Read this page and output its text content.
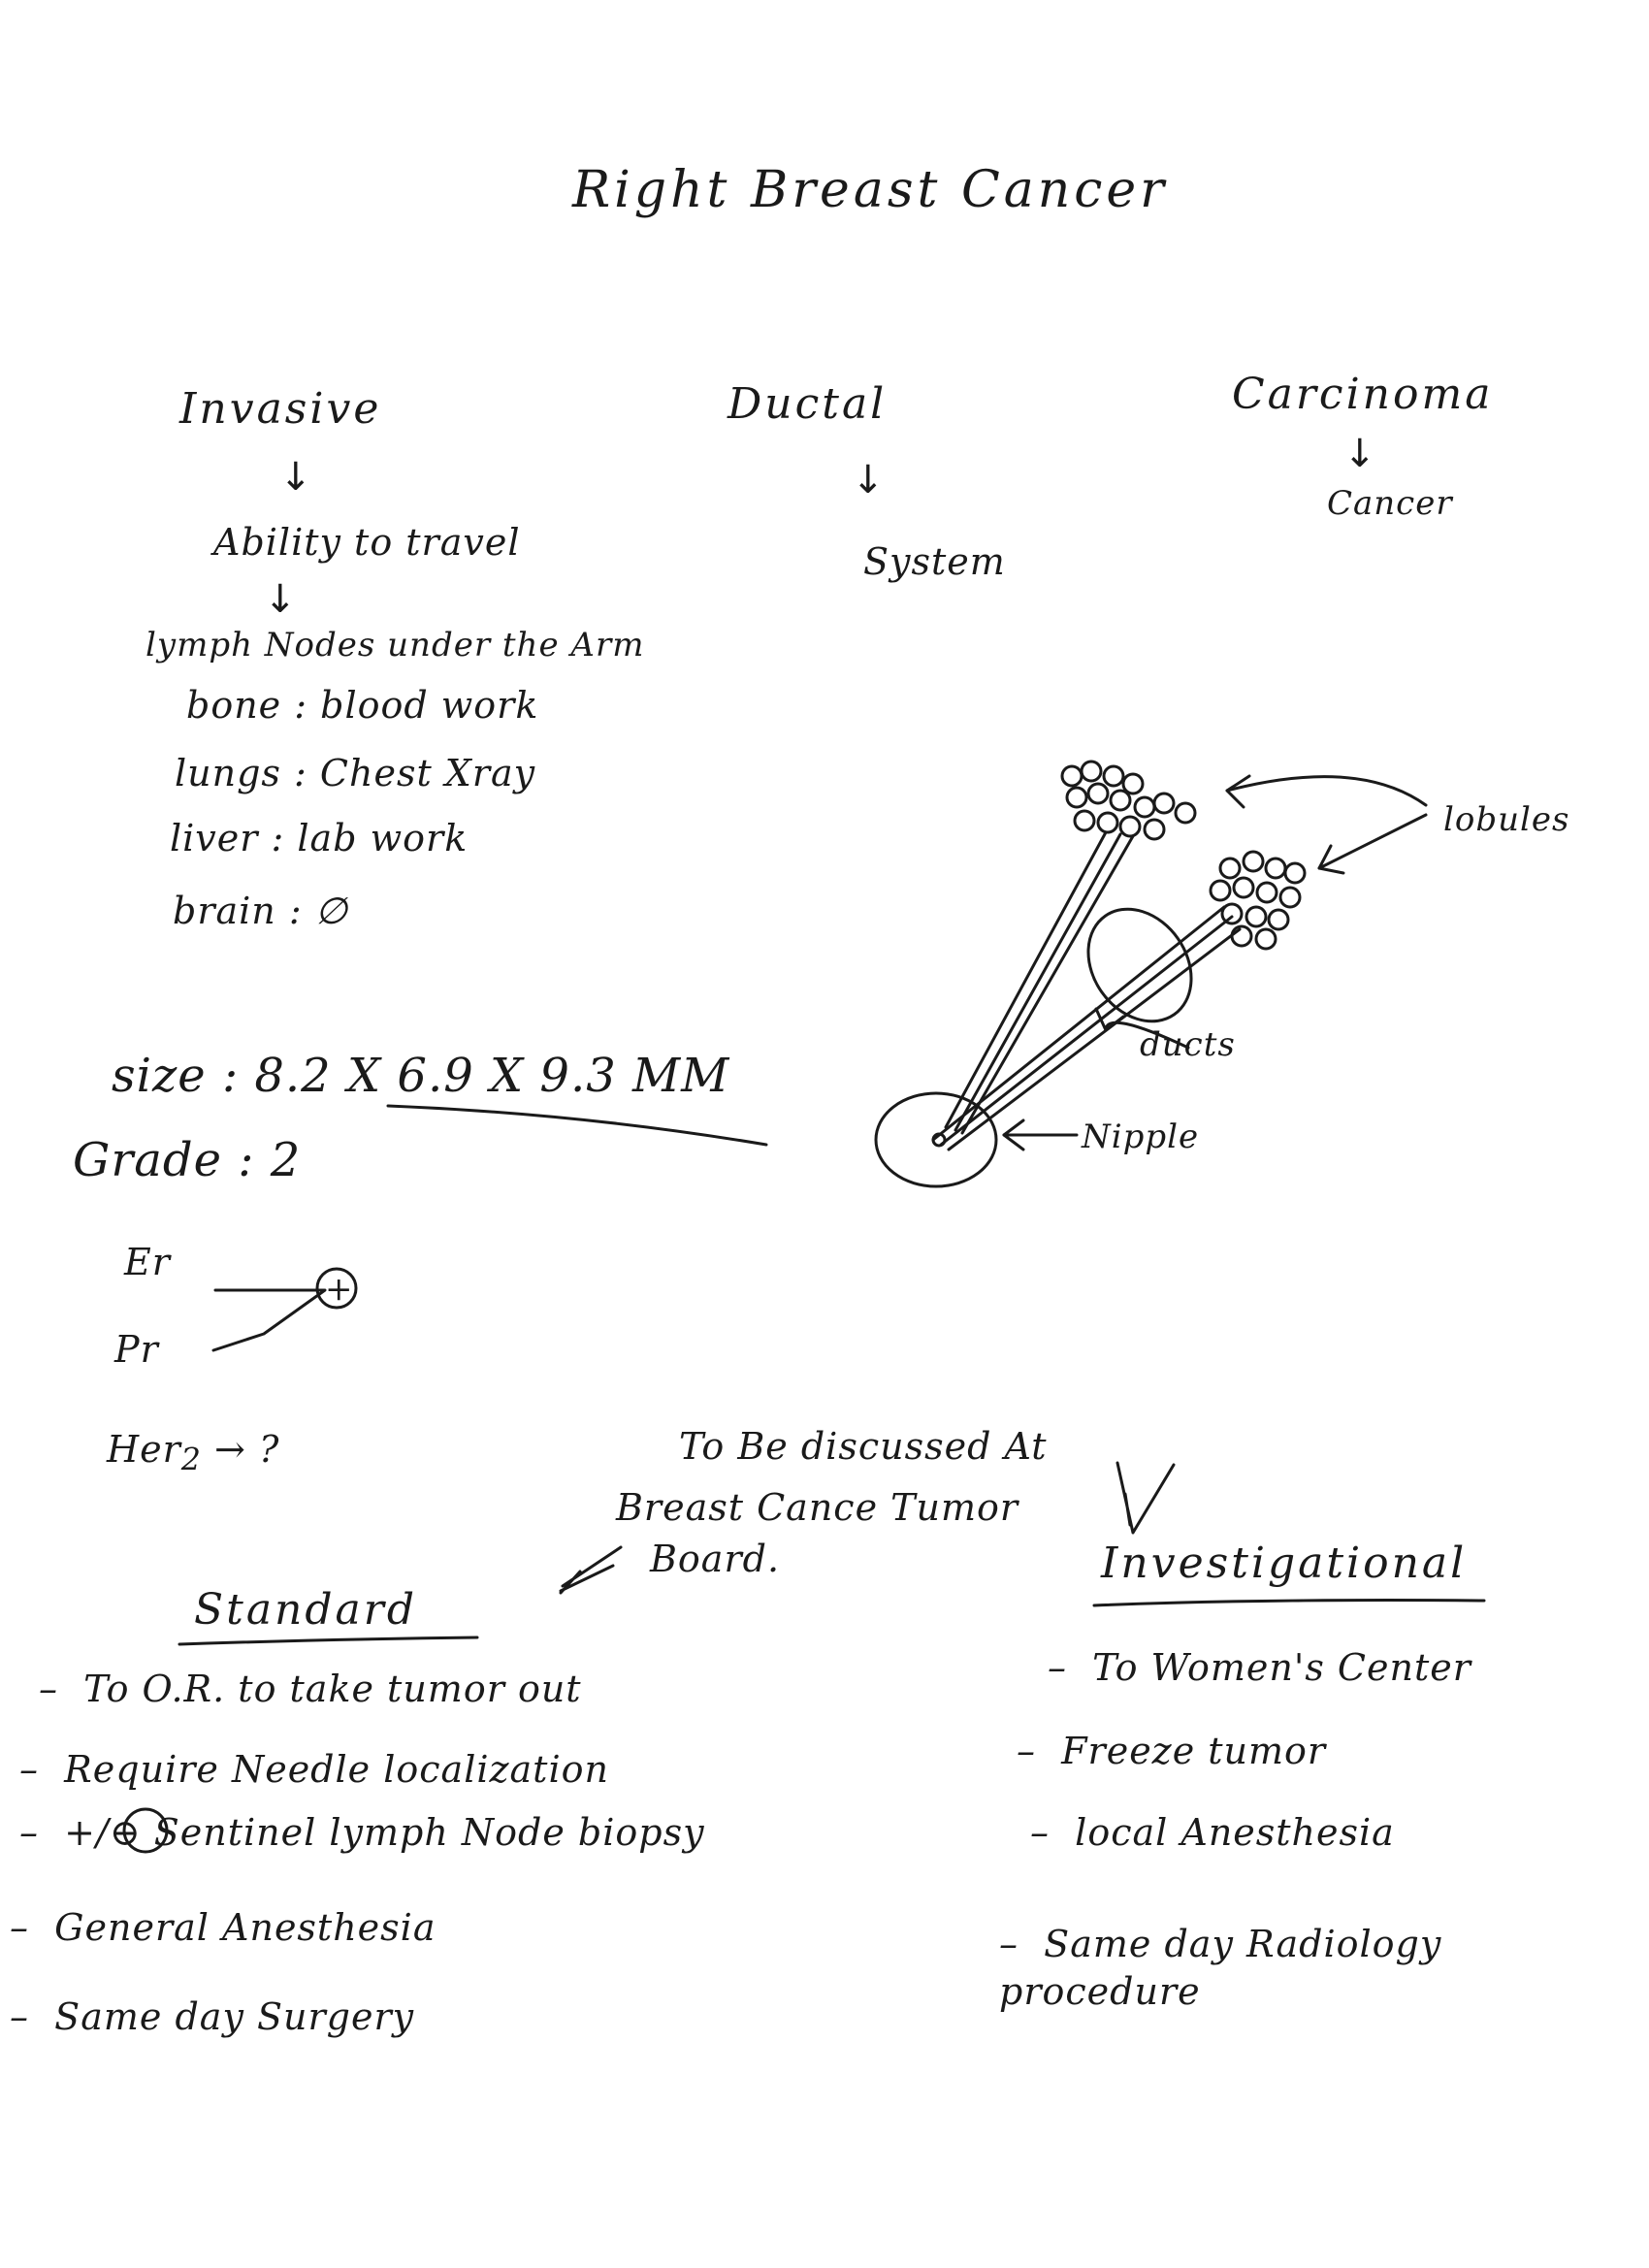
Right Breast Cancer
Invasive
↓
Ability to travel
↓
lymph Nodes under the Arm
bone : blood work
lungs : Chest Xray
liver : lab work
brain : ∅
Ductal
↓
System
Carcinoma
↓
Cancer
lobules
ducts
Nipple
size : 8.2 X 6.9 X 9.3 MM
Grade : 2
Er
Pr
+
Her$_2$ → ?	To Be discussed At
Breast Cance Tumor
Board.
Standard
–  To O.R. to take tumor out
–  Require Needle localization
–  +/⊖ Sentinel lymph Node biopsy
–  General Anesthesia
–  Same day Surgery
Investigational
–  To Women's Center
–  Freeze tumor
–  local Anesthesia
–  Same day Radiology procedure
